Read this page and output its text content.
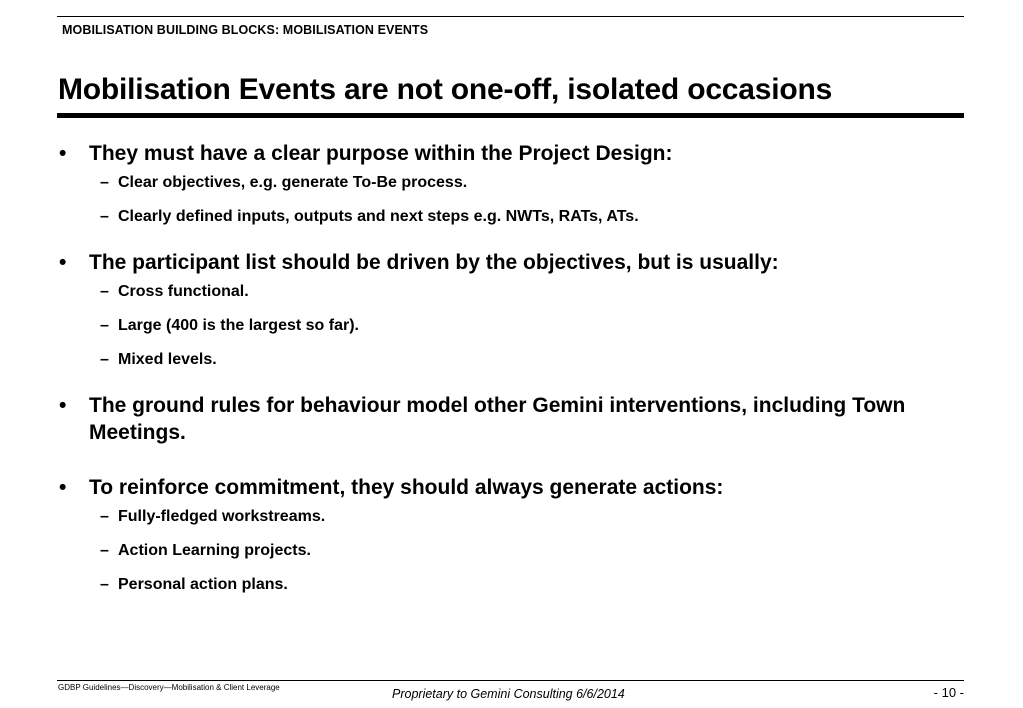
MOBILISATION BUILDING BLOCKS: MOBILISATION EVENTS
Mobilisation Events are not one-off, isolated occasions
• They must have a clear purpose within the Project Design:
– Clear objectives, e.g. generate To-Be process.
– Clearly defined inputs, outputs and next steps e.g. NWTs, RATs, ATs.
• The participant list should be driven by the objectives, but is usually:
– Cross functional.
– Large (400 is the largest so far).
– Mixed levels.
• The ground rules for behaviour model other Gemini interventions, including Town Meetings.
• To reinforce commitment, they should always generate actions:
– Fully-fledged workstreams.
– Action Learning projects.
– Personal action plans.
GDBP Guidelines—Discovery—Mobilisation & Client Leverage	Proprietary to Gemini Consulting 6/6/2014	- 10 -
